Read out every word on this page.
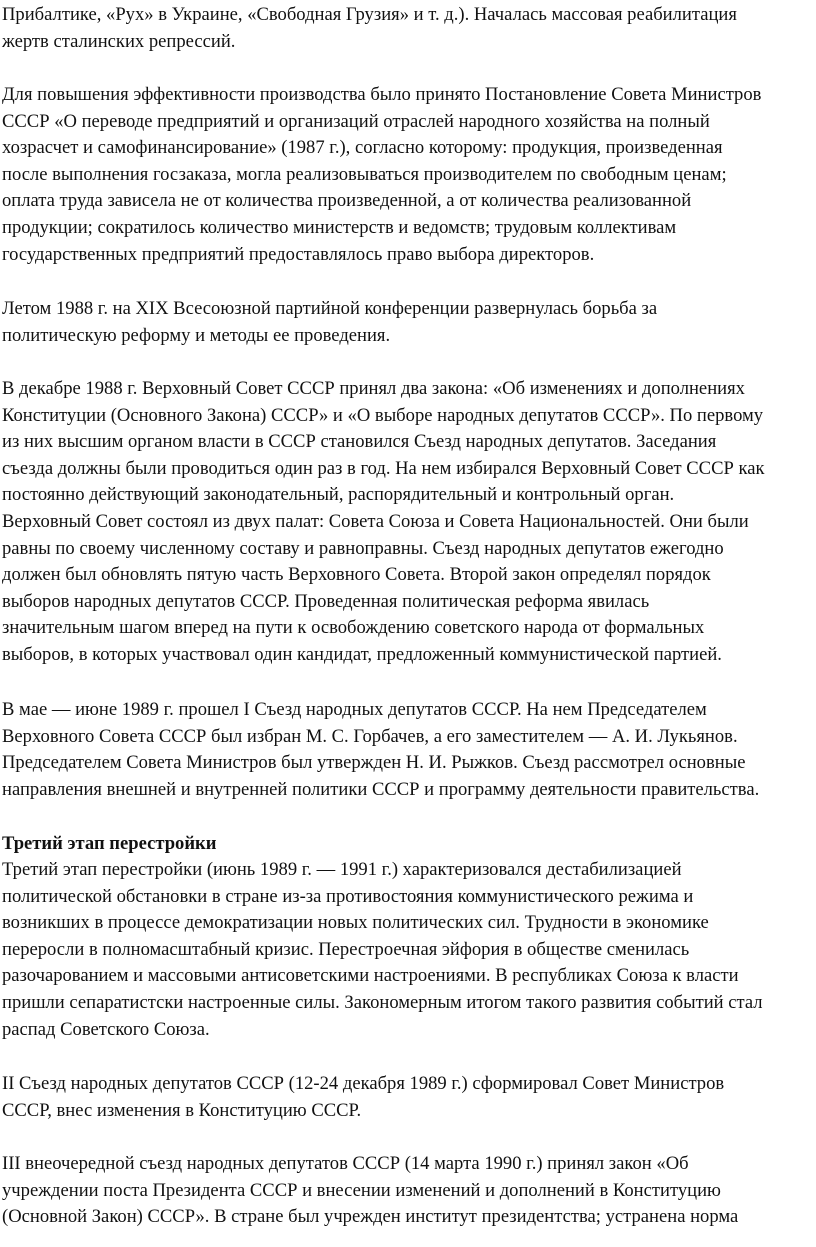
Прибалтике, «Рух» в Украине, «Свободная Грузия» и т. д.). Началась массовая реабилитация
жертв сталинских репрессий.

Для повышения эффективности производства было принято Постановление Совета Министров
СССР «О переводе предприятий и организаций отраслей народного хозяйства на полный
хозрасчет и самофинансирование» (1987 г.), согласно которому: продукция, произведенная
после выполнения госзаказа, могла реализовываться производителем по свободным ценам;
оплата труда зависела не от количества произведенной, а от количества реализованной
продукции; сократилось количество министерств и ведомств; трудовым коллективам
государственных предприятий предоставлялось право выбора директоров.

Летом 1988 г. на XIX Всесоюзной партийной конференции развернулась борьба за
политическую реформу и методы ее проведения.

В декабре 1988 г. Верховный Совет СССР принял два закона: «Об изменениях и дополнениях
Конституции (Основного Закона) СССР» и «О выборе народных депутатов СССР». По первому
из них высшим органом власти в СССР становился Съезд народных депутатов. Заседания
съезда должны были проводиться один раз в год. На нем избирался Верховный Совет СССР как
постоянно действующий законодательный, распорядительный и контрольный орган.
Верховный Совет состоял из двух палат: Совета Союза и Совета Национальностей. Они были
равны по своему численному составу и равноправны. Съезд народных депутатов ежегодно
должен был обновлять пятую часть Верховного Совета. Второй закон определял порядок
выборов народных депутатов СССР. Проведенная политическая реформа явилась
значительным шагом вперед на пути к освобождению советского народа от формальных
выборов, в которых участвовал один кандидат, предложенный коммунистической партией.

В мае — июне 1989 г. прошел I Съезд народных депутатов СССР. На нем Председателем
Верховного Совета СССР был избран М. С. Горбачев, а его заместителем — А. И. Лукьянов.
Председателем Совета Министров был утвержден Н. И. Рыжков. Съезд рассмотрел основные
направления внешней и внутренней политики СССР и программу деятельности правительства.

Третий этап перестройки

Третий этап перестройки (июнь 1989 г. — 1991 г.) характеризовался дестабилизацией
политической обстановки в стране из-за противостояния коммунистического режима и
возникших в процессе демократизации новых политических сил. Трудности в экономике
переросли в полномасштабный кризис. Перестроечная эйфория в обществе сменилась
разочарованием и массовыми антисоветскими настроениями. В республиках Союза к власти
пришли сепаратистски настроенные силы. Закономерным итогом такого развития событий стал
распад Советского Союза.

II Съезд народных депутатов СССР (12-24 декабря 1989 г.) сформировал Совет Министров
СССР, внес изменения в Конституцию СССР.

III внеочередной съезд народных депутатов СССР (14 марта 1990 г.) принял закон «Об
учреждении поста Президента СССР и внесении изменений и дополнений в Конституцию
(Основной Закон) СССР». В стране был учрежден институт президентства; устранена норма
